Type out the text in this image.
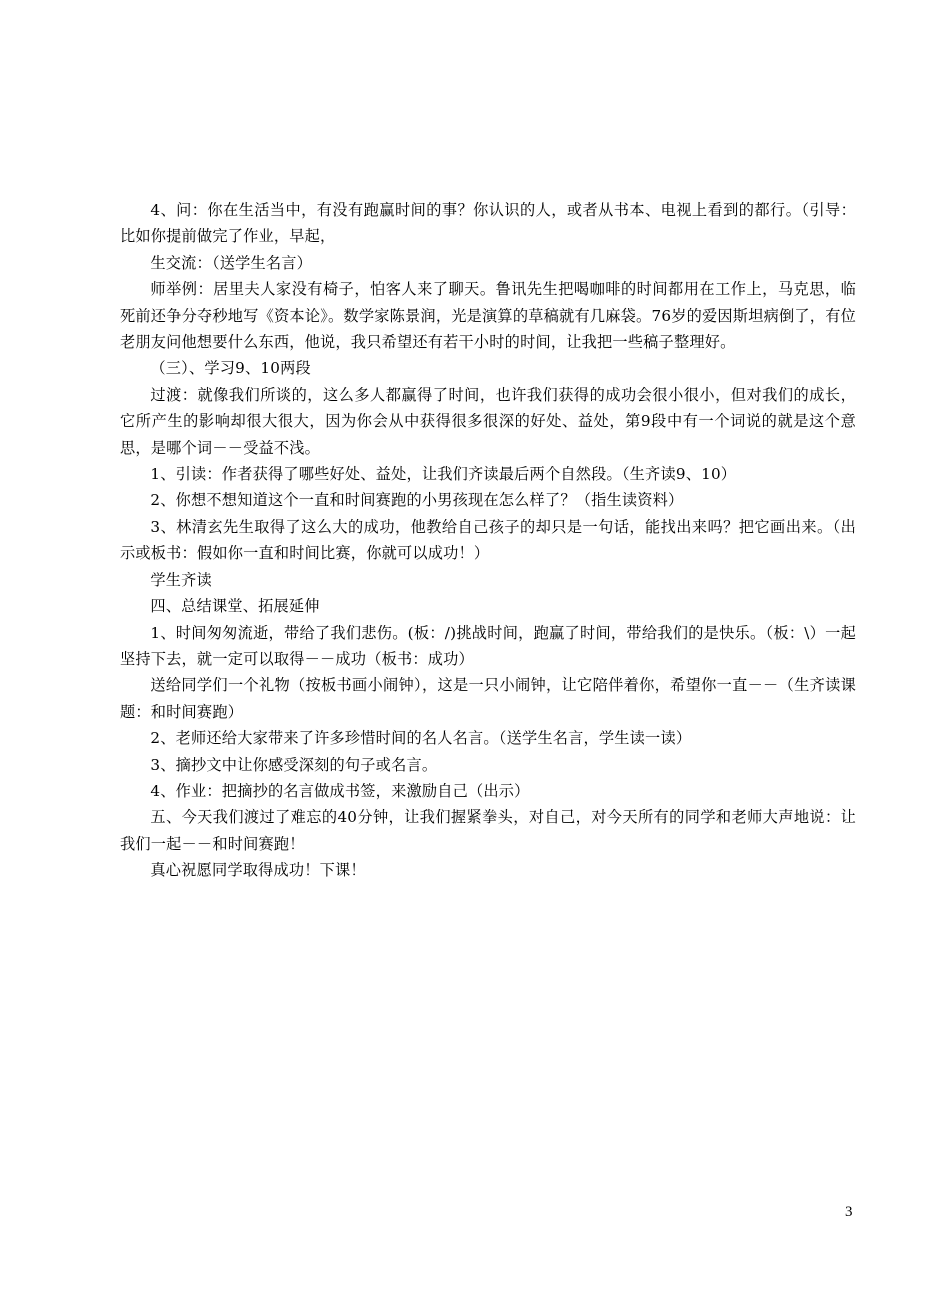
4、问：你在生活当中，有没有跑赢时间的事？你认识的人，或者从书本、电视上看到的都行。（引导：比如你提前做完了作业，早起，

生交流：（送学生名言）

师举例：居里夫人家没有椅子，怕客人来了聊天。鲁讯先生把喝咖啡的时间都用在工作上，马克思，临死前还争分夺秒地写《资本论》。数学家陈景润，光是演算的草稿就有几麻袋。76岁的爱因斯坦病倒了，有位老朋友问他想要什么东西，他说，我只希望还有若干小时的时间，让我把一些稿子整理好。

（三）、学习9、10两段

过渡：就像我们所谈的，这么多人都赢得了时间，也许我们获得的成功会很小很小，但对我们的成长，它所产生的影响却很大很大，因为你会从中获得很多很深的好处、益处，第9段中有一个词说的就是这个意思，是哪个词－－受益不浅。

1、引读：作者获得了哪些好处、益处，让我们齐读最后两个自然段。（生齐读9、10）

2、你想不想知道这个一直和时间赛跑的小男孩现在怎么样了？（指生读资料）

3、林清玄先生取得了这么大的成功，他教给自己孩子的却只是一句话，能找出来吗？把它画出来。（出示或板书：假如你一直和时间比赛，你就可以成功！）

学生齐读

四、总结课堂、拓展延伸

1、时间匆匆流逝，带给了我们悲伤。(板：/)挑战时间，跑赢了时间，带给我们的是快乐。（板：\）一起坚持下去，就一定可以取得－－成功（板书：成功）

送给同学们一个礼物（按板书画小闹钟），这是一只小闹钟，让它陪伴着你，希望你一直－－（生齐读课题：和时间赛跑）

2、老师还给大家带来了许多珍惜时间的名人名言。（送学生名言，学生读一读）

3、摘抄文中让你感受深刻的句子或名言。

4、作业：把摘抄的名言做成书签，来激励自己（出示）

五、今天我们渡过了难忘的40分钟，让我们握紧拳头，对自己，对今天所有的同学和老师大声地说：让我们一起－－和时间赛跑！

真心祝愿同学取得成功！下课！

3
